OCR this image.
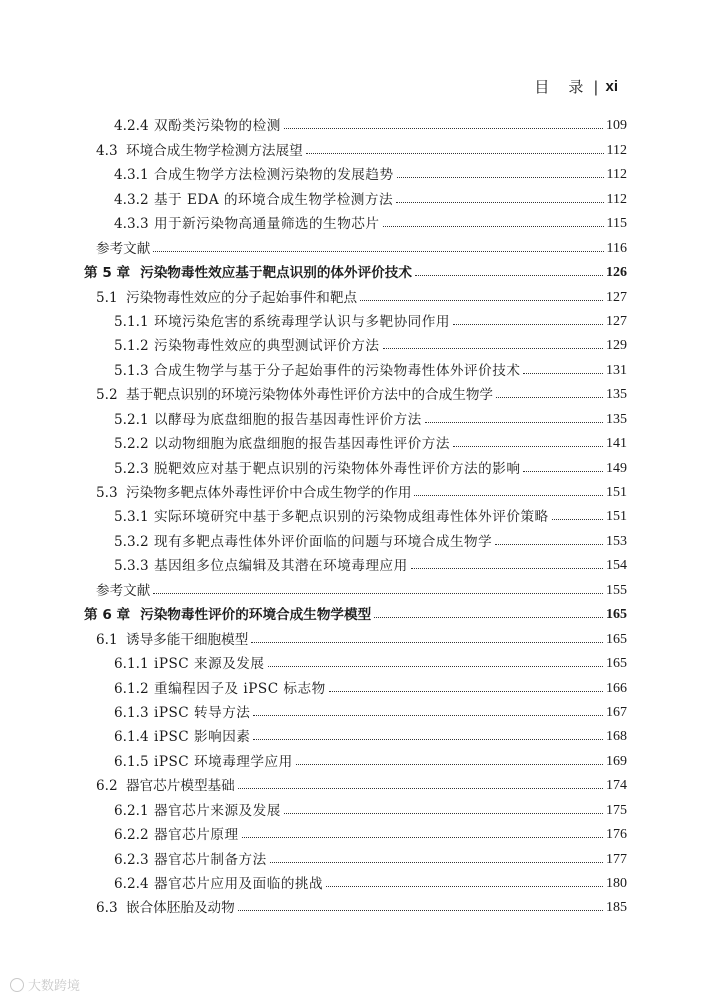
目　录 | xi
4.2.4 双酚类污染物的检测	109
4.3 环境合成生物学检测方法展望	112
4.3.1 合成生物学方法检测污染物的发展趋势	112
4.3.2 基于 EDA 的环境合成生物学检测方法	112
4.3.3 用于新污染物高通量筛选的生物芯片	115
参考文献	116
第 5 章 污染物毒性效应基于靶点识别的体外评价技术	126
5.1 污染物毒性效应的分子起始事件和靶点	127
5.1.1 环境污染危害的系统毒理学认识与多靶协同作用	127
5.1.2 污染物毒性效应的典型测试评价方法	129
5.1.3 合成生物学与基于分子起始事件的污染物毒性体外评价技术	131
5.2 基于靶点识别的环境污染物体外毒性评价方法中的合成生物学	135
5.2.1 以酵母为底盘细胞的报告基因毒性评价方法	135
5.2.2 以动物细胞为底盘细胞的报告基因毒性评价方法	141
5.2.3 脱靶效应对基于靶点识别的污染物体外毒性评价方法的影响	149
5.3 污染物多靶点体外毒性评价中合成生物学的作用	151
5.3.1 实际环境研究中基于多靶点识别的污染物成组毒性体外评价策略	151
5.3.2 现有多靶点毒性体外评价面临的问题与环境合成生物学	153
5.3.3 基因组多位点编辑及其潜在环境毒理应用	154
参考文献	155
第 6 章 污染物毒性评价的环境合成生物学模型	165
6.1 诱导多能干细胞模型	165
6.1.1 iPSC 来源及发展	165
6.1.2 重编程因子及 iPSC 标志物	166
6.1.3 iPSC 转导方法	167
6.1.4 iPSC 影响因素	168
6.1.5 iPSC 环境毒理学应用	169
6.2 器官芯片模型基础	174
6.2.1 器官芯片来源及发展	175
6.2.2 器官芯片原理	176
6.2.3 器官芯片制备方法	177
6.2.4 器官芯片应用及面临的挑战	180
6.3 嵌合体胚胎及动物	185
大数跨境
